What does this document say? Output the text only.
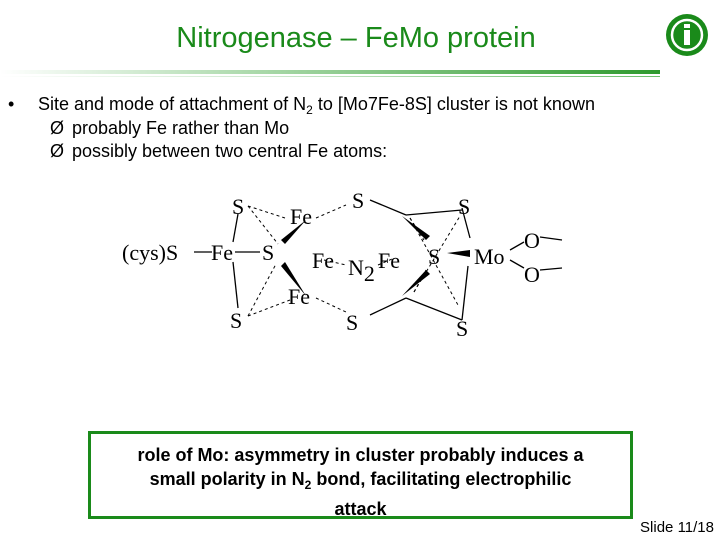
Nitrogenase – FeMo protein
• Site and mode of attachment of $N_2$ to [Mo7Fe-8S] cluster is not known
Ø probably Fe rather than Mo
Ø possibly between two central Fe atoms:
S Fe
S	S
(cys)S Fe S Fe N2
Fe S Mo
O
O
Fe
S	S	S
role of Mo: asymmetry in cluster probably induces a
small polarity in $N_2$ bond, facilitating electrophilic
attack
Slide 11/18
